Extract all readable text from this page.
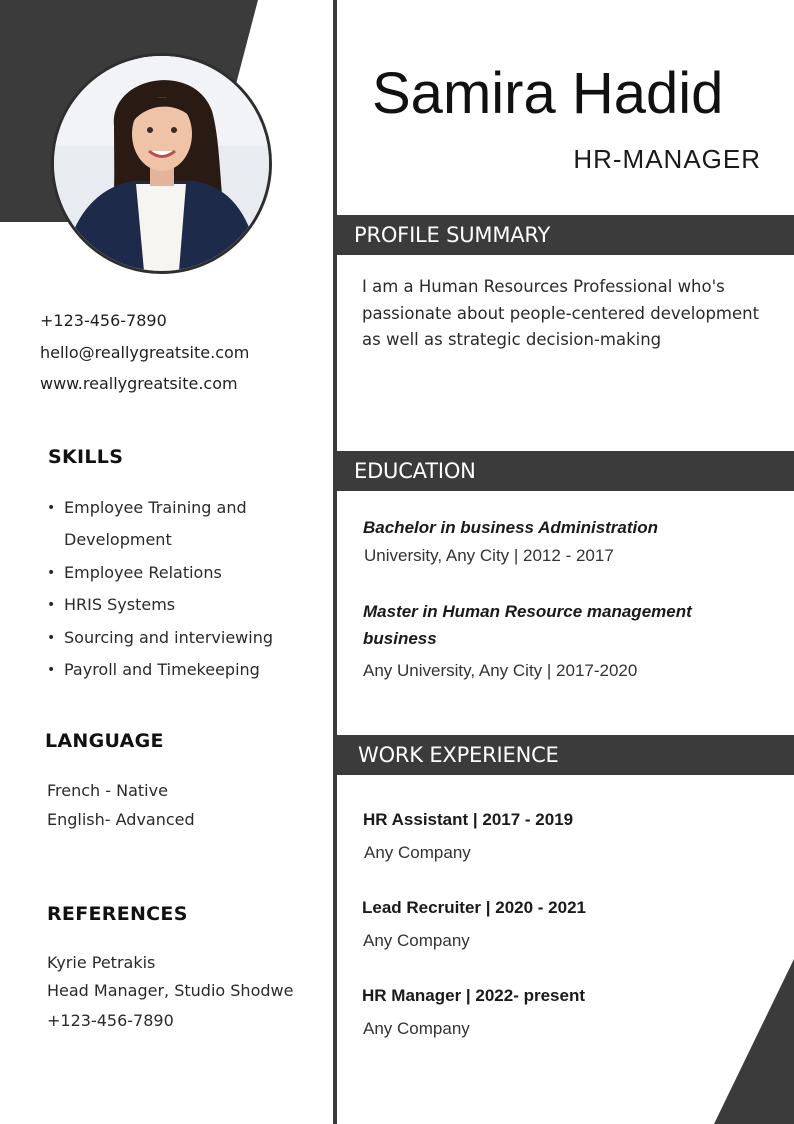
+123-456-7890
hello@reallygreatsite.com
www.reallygreatsite.com
SKILLS
• Employee Training and Development
• Employee Relations
• HRIS Systems
• Sourcing and interviewing
• Payroll and Timekeeping
LANGUAGE
French - Native
English- Advanced
REFERENCES
Kyrie Petrakis
Head Manager, Studio Shodwe
+123-456-7890
Samira Hadid
HR-MANAGER
PROFILE SUMMARY
I am a Human Resources Professional who's passionate about people-centered development as well as strategic decision-making
EDUCATION
Bachelor in business Administration
University, Any City | 2012 - 2017
Master in Human Resource management business
Any University, Any City | 2017-2020
WORK EXPERIENCE
HR Assistant | 2017 - 2019
Any Company
Lead Recruiter | 2020 - 2021
Any Company
HR Manager | 2022- present
Any Company
